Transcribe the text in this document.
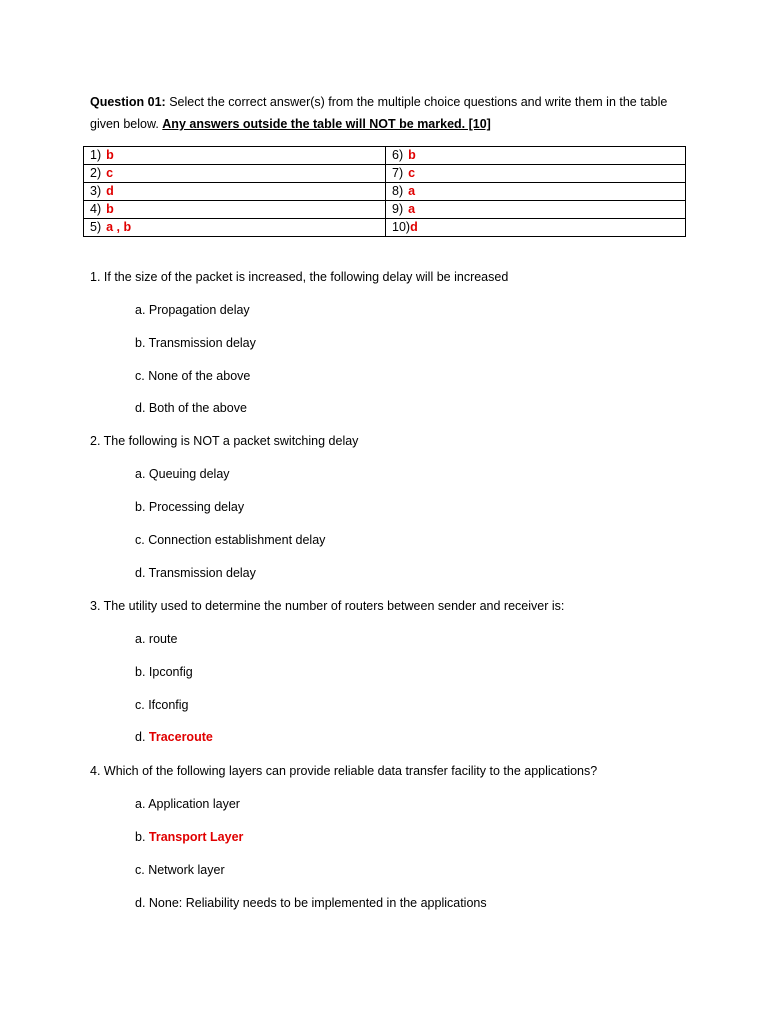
Question 01: Select the correct answer(s) from the multiple choice questions and write them in the table given below. Any answers outside the table will NOT be marked. [10]
1) b	6) b
2) c	7) c
3) d	8) a
4) b	9) a
5) a , b	10)d
1. If the size of the packet is increased, the following delay will be increased
a. Propagation delay
b. Transmission delay
c. None of the above
d. Both of the above
2. The following is NOT a packet switching delay
a. Queuing delay
b. Processing delay
c. Connection establishment delay
d. Transmission delay
3. The utility used to determine the number of routers between sender and receiver is:
a. route
b. Ipconfig
c. Ifconfig
d. Traceroute
4. Which of the following layers can provide reliable data transfer facility to the applications?
a. Application layer
b. Transport Layer
c. Network layer
d. None: Reliability needs to be implemented in the applications
